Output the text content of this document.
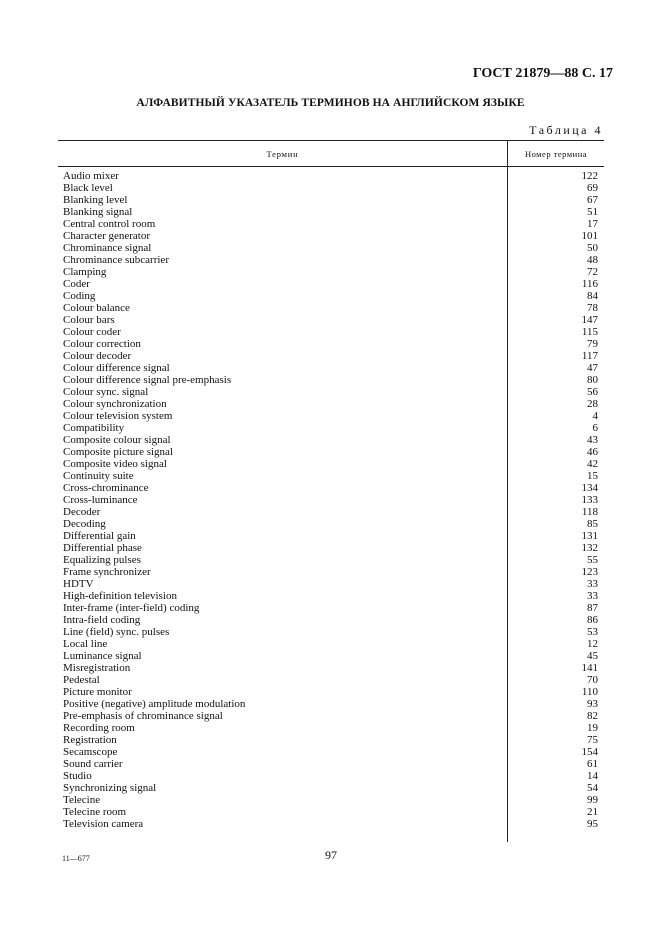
ГОСТ 21879—88 С. 17
АЛФАВИТНЫЙ УКАЗАТЕЛЬ ТЕРМИНОВ НА АНГЛИЙСКОМ ЯЗЫКЕ
Таблица 4
Термин	Номер термина
Audio mixer	122
Black level	69
Blanking level	67
Blanking signal	51
Central control room	17
Character generator	101
Chrominance signal	50
Chrominance subcarrier	48
Clamping	72
Coder	116
Coding	84
Colour balance	78
Colour bars	147
Colour coder	115
Colour correction	79
Colour decoder	117
Colour difference signal	47
Colour difference signal pre-emphasis	80
Colour sync. signal	56
Colour synchronization	28
Colour television system	4
Compatibility	6
Composite colour signal	43
Composite picture signal	46
Composite video signal	42
Continuity suite	15
Cross-chrominance	134
Cross-luminance	133
Decoder	118
Decoding	85
Differential gain	131
Differential phase	132
Equalizing pulses	55
Frame synchronizer	123
HDTV	33
High-definition television	33
Inter-frame (inter-field) coding	87
Intra-field coding	86
Line (field) sync. pulses	53
Local line	12
Luminance signal	45
Misregistration	141
Pedestal	70
Picture monitor	110
Positive (negative) amplitude modulation	93
Pre-emphasis of chrominance signal	82
Recording room	19
Registration	75
Secamscope	154
Sound carrier	61
Studio	14
Synchronizing signal	54
Telecine	99
Telecine room	21
Television camera	95
11—677	97
